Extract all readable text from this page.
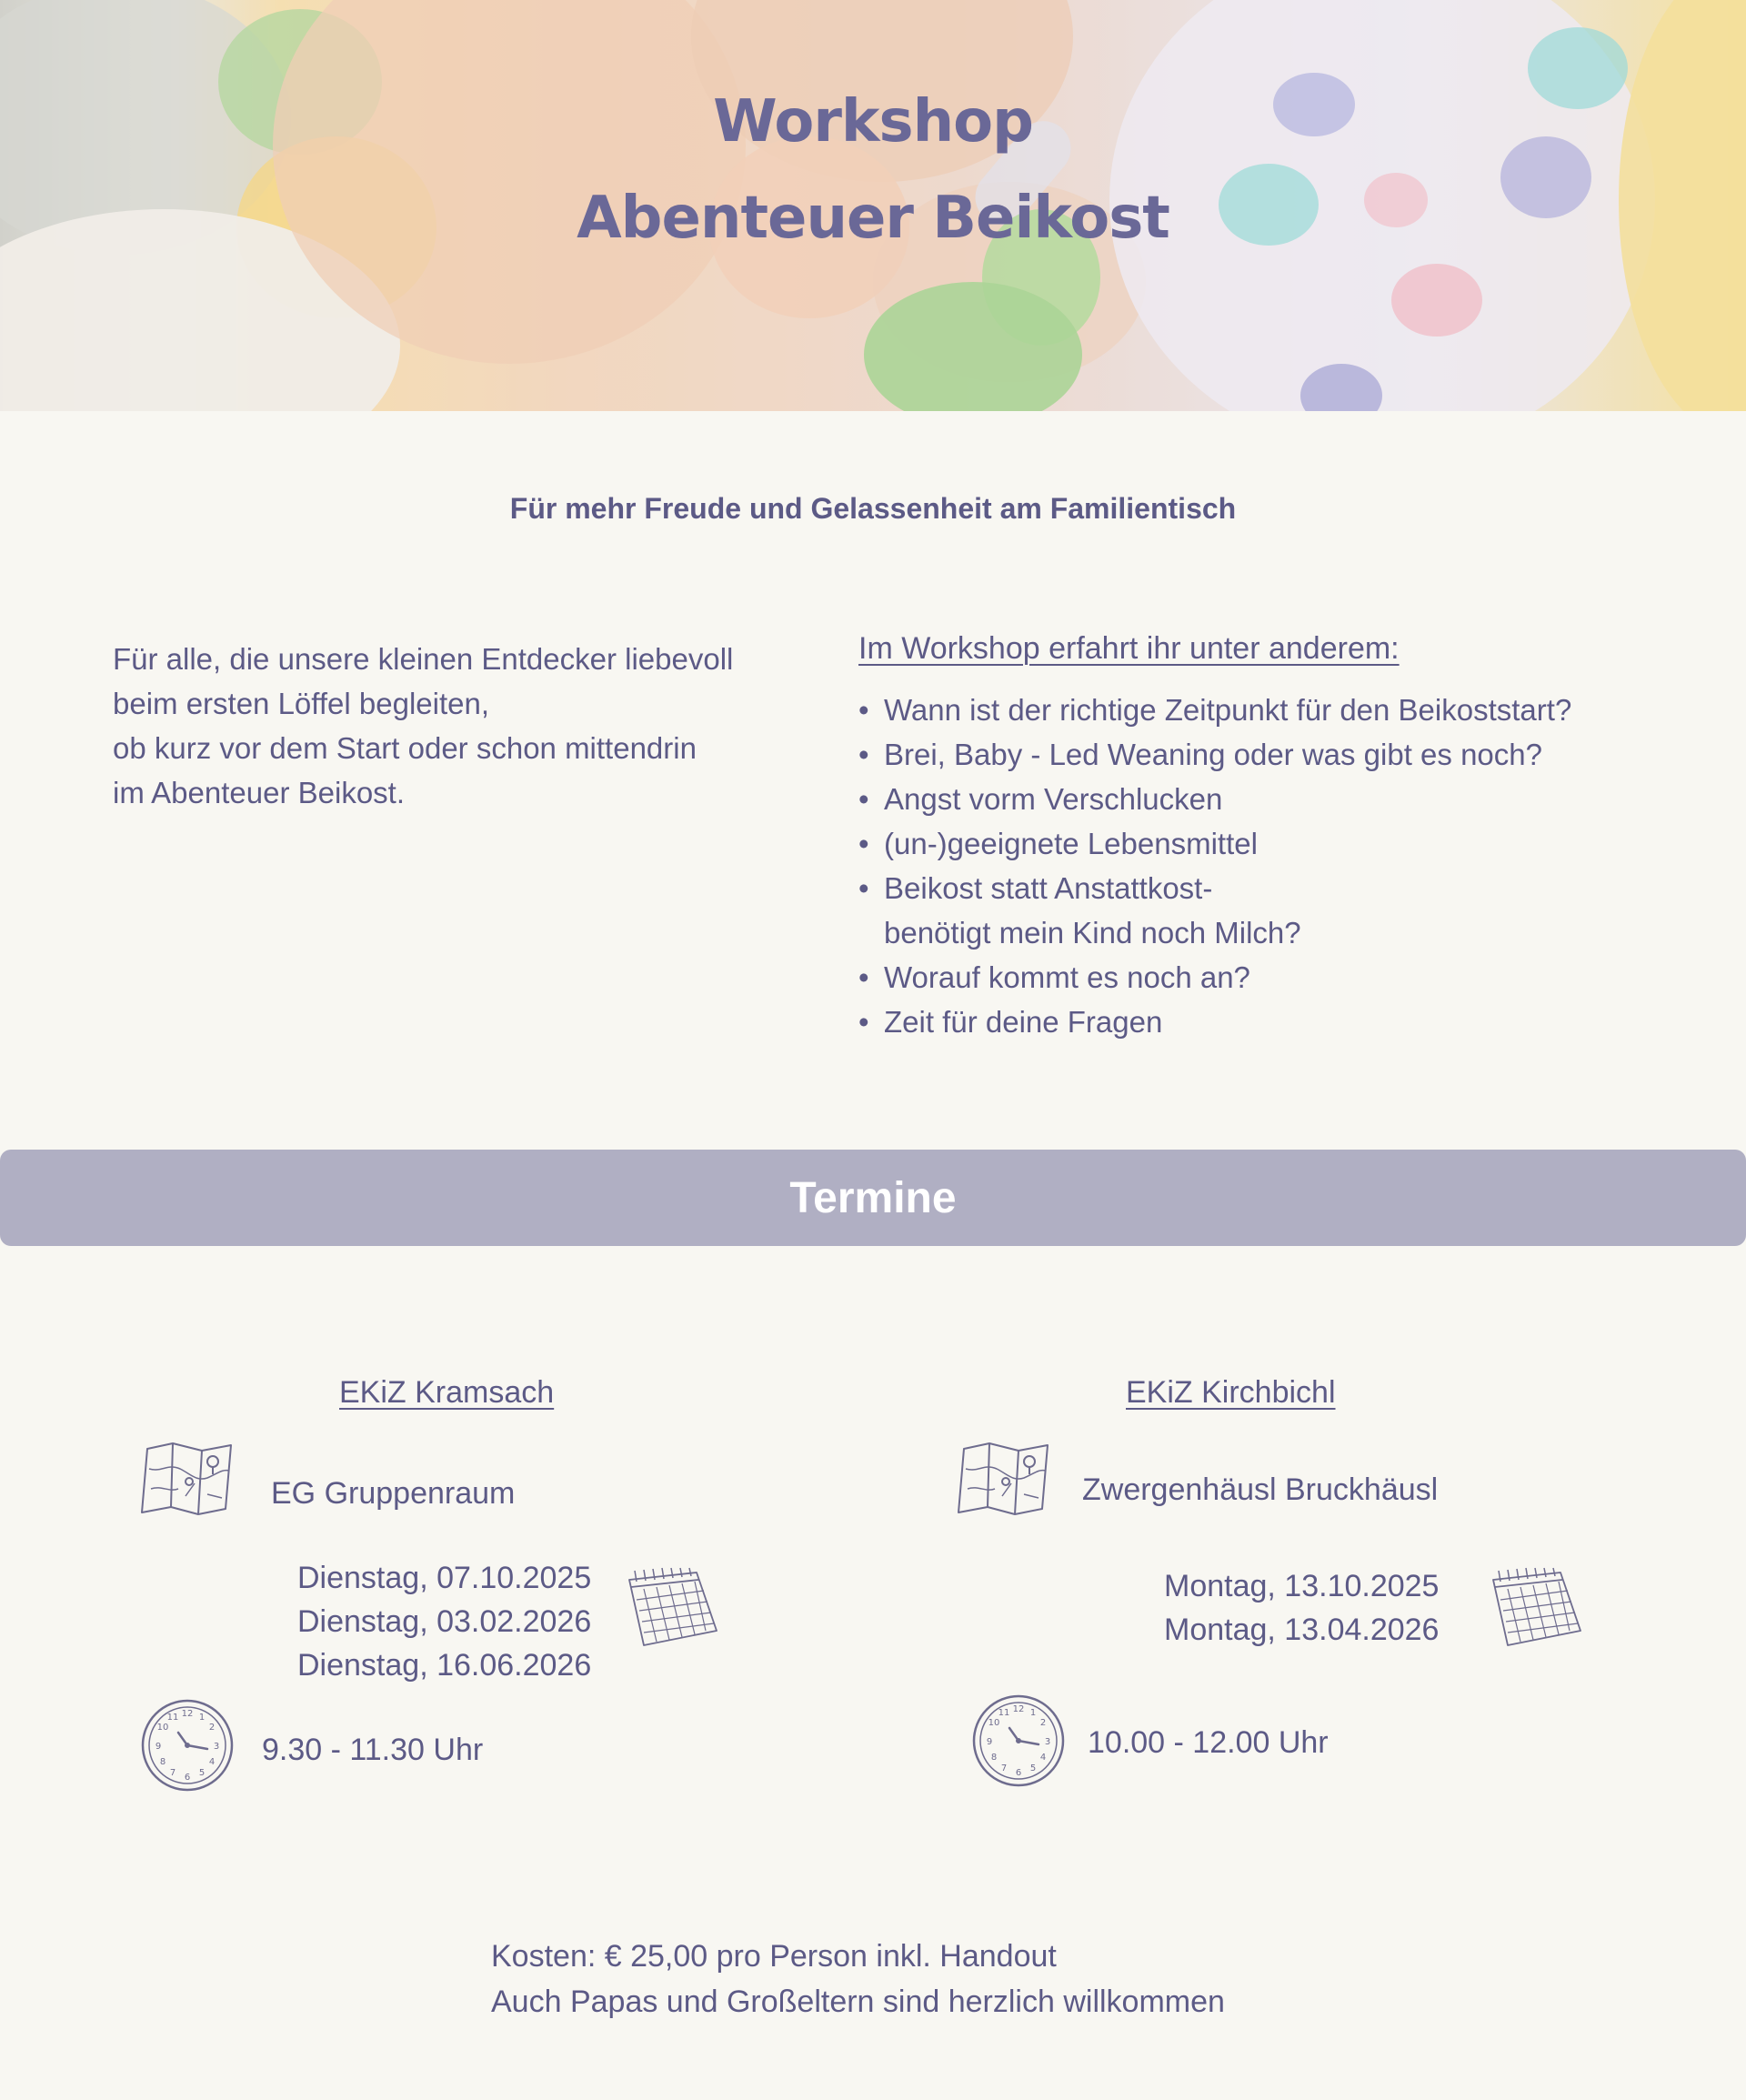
Workshop
Abenteuer Beikost
Für mehr Freude und Gelassenheit am Familientisch
Für alle, die unsere kleinen Entdecker liebevoll
beim ersten Löffel begleiten,
ob kurz vor dem Start oder schon mittendrin
im Abenteuer Beikost.
Im Workshop erfahrt ihr unter anderem:
• Wann ist der richtige Zeitpunkt für den Beikoststart?
• Brei, Baby - Led Weaning oder was gibt es noch?
• Angst vorm Verschlucken
• (un-)geeignete Lebensmittel
• Beikost statt Anstattkost-
benötigt mein Kind noch Milch?
• Worauf kommt es noch an?
• Zeit für deine Fragen
Termine
EKiZ Kramsach
EG Gruppenraum
Dienstag, 07.10.2025
Dienstag, 03.02.2026
Dienstag, 16.06.2026
12 1
2
3
4
5
6
7
8
9
10
11
9.30 - 11.30 Uhr
EKiZ Kirchbichl
Zwergenhäusl Bruckhäusl
Montag, 13.10.2025
Montag, 13.04.2026
12 1
2
3
4
5
6
7
8
9
10
11
10.00 - 12.00 Uhr
Kosten: € 25,00 pro Person inkl. Handout
Auch Papas und Großeltern sind herzlich willkommen
